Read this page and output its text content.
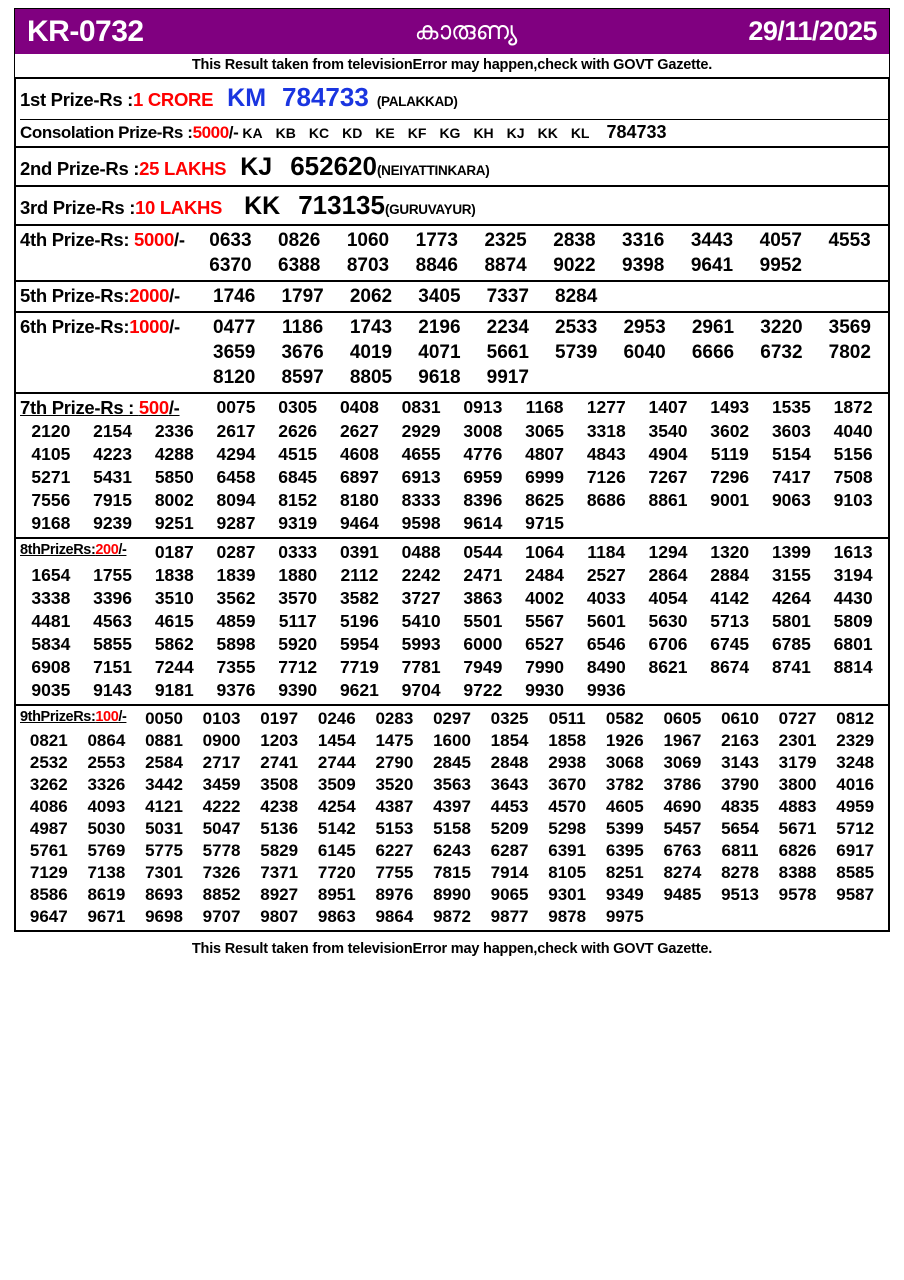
KR-0732	കാരുണ്യ	29/11/2025
This Result taken from televisionError may happen,check with GOVT Gazette.
1st Prize-Rs : 1 CRORE KM 784733 (PALAKKAD)
Consolation Prize-Rs : 5000 /- KA KB KC KD KE KF KG KH KJ KK KL 784733
2nd Prize-Rs : 25 LAKHS KJ 652620 (NEIYATTINKARA)
3rd Prize-Rs : 10 LAKHS KK 713135 (GURUVAYUR)
4th Prize-Rs: 5000/-	0633 0826 1060 1773 2325 2838 3316 3443 4057 4553
6370 6388 8703 8846 8874 9022 9398 9641 9952
5th Prize-Rs:2000/-	1746 1797 2062 3405 7337 8284
6th Prize-Rs:1000/-	0477 1186 1743 2196 2234 2533 2953 2961 3220 3569
3659 3676 4019 4071 5661 5739 6040 6666 6732 7802
8120 8597 8805 9618 9917
7th Prize-Rs : 500/- 0075 0305 0408 0831 0913 1168 1277 1407 1493 1535 1872
2120 2154 2336 2617 2626 2627 2929 3008 3065 3318 3540 3602 3603 4040
4105 4223 4288 4294 4515 4608 4655 4776 4807 4843 4904 5119 5154 5156
5271 5431 5850 6458 6845 6897 6913 6959 6999 7126 7267 7296 7417 7508
7556 7915 8002 8094 8152 8180 8333 8396 8625 8686 8861 9001 9063 9103
9168 9239 9251 9287 9319 9464 9598 9614 9715
8thPrizeRs:200/- 0187 0287 0333 0391 0488 0544 1064 1184 1294 1320 1399 1613
1654 1755 1838 1839 1880 2112 2242 2471 2484 2527 2864 2884 3155 3194
3338 3396 3510 3562 3570 3582 3727 3863 4002 4033 4054 4142 4264 4430
4481 4563 4615 4859 5117 5196 5410 5501 5567 5601 5630 5713 5801 5809
5834 5855 5862 5898 5920 5954 5993 6000 6527 6546 6706 6745 6785 6801
6908 7151 7244 7355 7712 7719 7781 7949 7990 8490 8621 8674 8741 8814
9035 9143 9181 9376 9390 9621 9704 9722 9930 9936
9thPrizeRs:100/- 0050 0103 0197 0246 0283 0297 0325 0511 0582 0605 0610 0727 0812
0821 0864 0881 0900 1203 1454 1475 1600 1854 1858 1926 1967 2163 2301 2329
2532 2553 2584 2717 2741 2744 2790 2845 2848 2938 3068 3069 3143 3179 3248
3262 3326 3442 3459 3508 3509 3520 3563 3643 3670 3782 3786 3790 3800 4016
4086 4093 4121 4222 4238 4254 4387 4397 4453 4570 4605 4690 4835 4883 4959
4987 5030 5031 5047 5136 5142 5153 5158 5209 5298 5399 5457 5654 5671 5712
5761 5769 5775 5778 5829 6145 6227 6243 6287 6391 6395 6763 6811 6826 6917
7129 7138 7301 7326 7371 7720 7755 7815 7914 8105 8251 8274 8278 8388 8585
8586 8619 8693 8852 8927 8951 8976 8990 9065 9301 9349 9485 9513 9578 9587
9647 9671 9698 9707 9807 9863 9864 9872 9877 9878 9975
This Result taken from televisionError may happen,check with GOVT Gazette.
